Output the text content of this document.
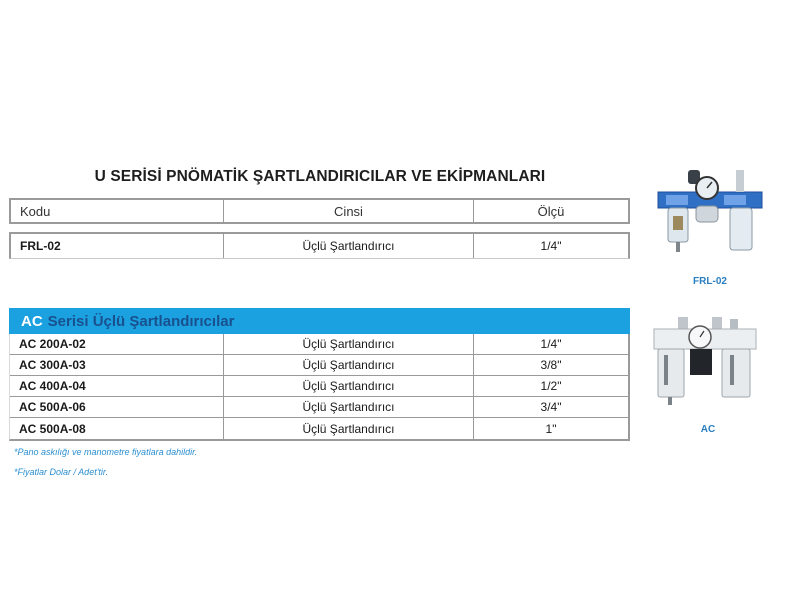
U SERİSİ PNÖMATİK ŞARTLANDIRICILAR VE EKİPMANLARI
Kodu	Cinsi	Ölçü
FRL-02	Üçlü Şartlandırıcı	1/4"
AC Serisi Üçlü Şartlandırıcılar
AC 200A-02	Üçlü Şartlandırıcı	1/4"
AC 300A-03	Üçlü Şartlandırıcı	3/8"
AC 400A-04	Üçlü Şartlandırıcı	1/2"
AC 500A-06	Üçlü Şartlandırıcı	3/4"
AC 500A-08	Üçlü Şartlandırıcı	1"
*Pano askılığı ve manometre fiyatlara dahildir.
*Fiyatlar Dolar / Adet'tir.
FRL-02
AC
